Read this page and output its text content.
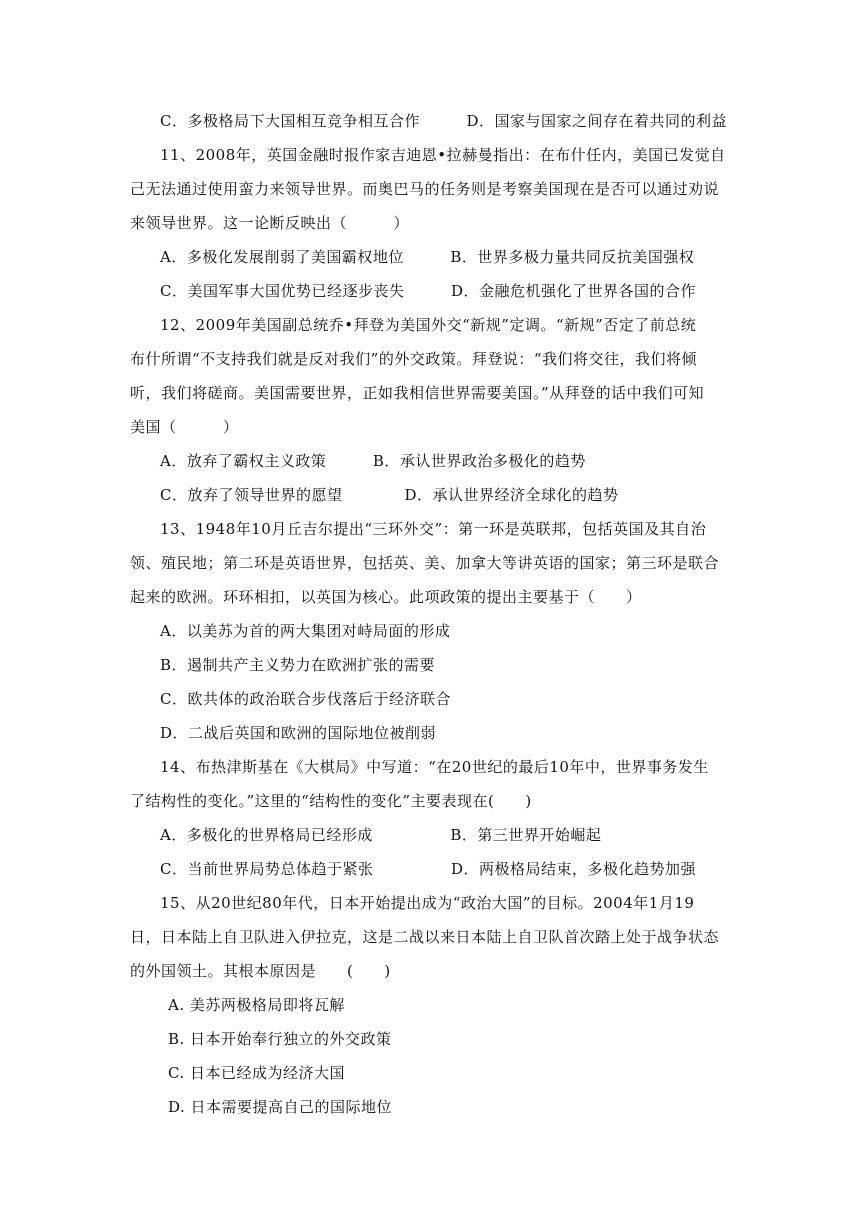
C．多极格局下大国相互竞争相互合作　　　D．国家与国家之间存在着共同的利益
11、2008年，英国金融时报作家吉迪恩•拉赫曼指出：在布什任内，美国已发觉自
己无法通过使用蛮力来领导世界。而奥巴马的任务则是考察美国现在是否可以通过劝说
来领导世界。这一论断反映出（　　　）
A．多极化发展削弱了美国霸权地位　　　B．世界多极力量共同反抗美国强权
C．美国军事大国优势已经逐步丧失　　　D．金融危机强化了世界各国的合作
12、2009年美国副总统乔•拜登为美国外交“新规”定调。“新规”否定了前总统
布什所谓“不支持我们就是反对我们”的外交政策。拜登说：“我们将交往，我们将倾
听，我们将磋商。美国需要世界，正如我相信世界需要美国。”从拜登的话中我们可知
美国（　　　）
A．放弃了霸权主义政策　　　B．承认世界政治多极化的趋势
C．放弃了领导世界的愿望　　　　D．承认世界经济全球化的趋势
13、1948年10月丘吉尔提出“三环外交”：第一环是英联邦，包括英国及其自治
领、殖民地；第二环是英语世界，包括英、美、加拿大等讲英语的国家；第三环是联合
起来的欧洲。环环相扣，以英国为核心。此项政策的提出主要基于（　　）
A．以美苏为首的两大集团对峙局面的形成
B．遏制共产主义势力在欧洲扩张的需要
C．欧共体的政治联合步伐落后于经济联合
D．二战后英国和欧洲的国际地位被削弱
14、布热津斯基在《大棋局》中写道：“在20世纪的最后10年中，世界事务发生
了结构性的变化。”这里的“结构性的变化”主要表现在(　　)
A．多极化的世界格局已经形成　　　　　B．第三世界开始崛起
C．当前世界局势总体趋于紧张　　　　　D．两极格局结束，多极化趋势加强
15、从20世纪80年代，日本开始提出成为“政治大国”的目标。2004年1月19
日，日本陆上自卫队进入伊拉克，这是二战以来日本陆上自卫队首次踏上处于战争状态
的外国领土。其根本原因是　　(　　)
A. 美苏两极格局即将瓦解
B. 日本开始奉行独立的外交政策
C. 日本已经成为经济大国
D. 日本需要提高自己的国际地位
